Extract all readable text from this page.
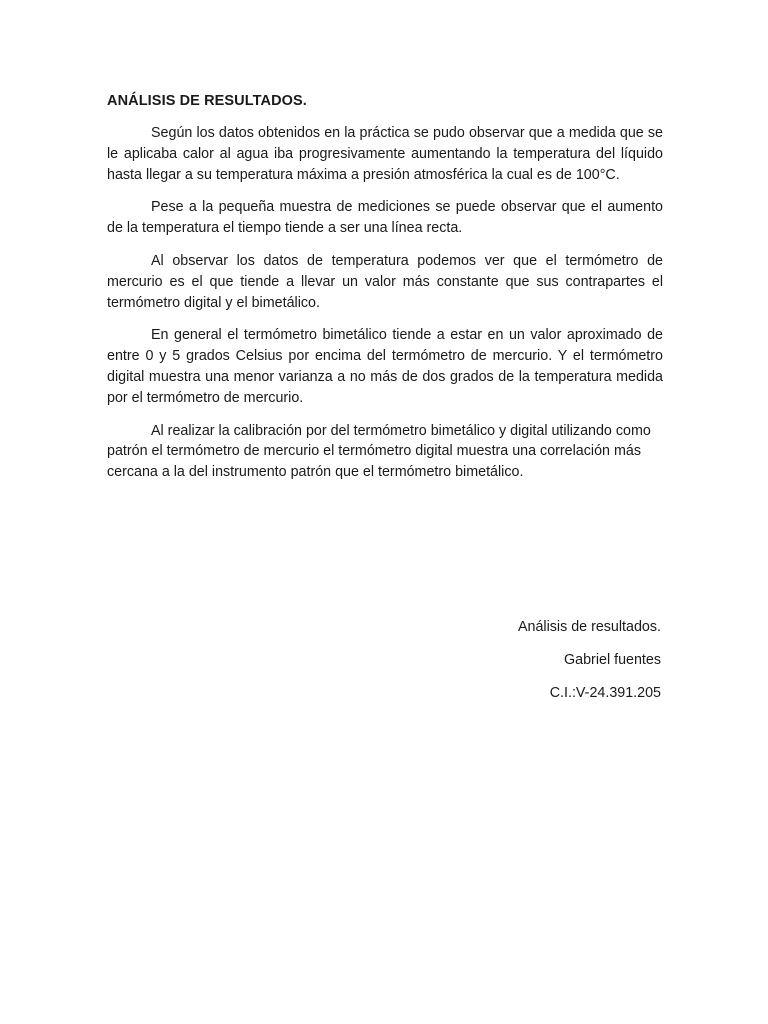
ANÁLISIS DE RESULTADOS.

Según los datos obtenidos en la práctica se pudo observar que a medida que se le aplicaba calor al agua iba progresivamente aumentando la temperatura del líquido hasta llegar a su temperatura máxima a presión atmosférica la cual es de 100°C.

Pese a la pequeña muestra de mediciones se puede observar que el aumento de la temperatura el tiempo tiende a ser una línea recta.

Al observar los datos de temperatura podemos ver que el termómetro de mercurio es el que tiende a llevar un valor más constante que sus contrapartes el termómetro digital y el bimetálico.

En general el termómetro bimetálico tiende a estar en un valor aproximado de entre 0 y 5 grados Celsius por encima del termómetro de mercurio. Y el termómetro digital muestra una menor varianza a no más de dos grados de la temperatura medida por el termómetro de mercurio.

Al realizar la calibración por del termómetro bimetálico y digital utilizando como patrón el termómetro de mercurio el termómetro digital muestra una correlación más cercana a la del instrumento patrón que el termómetro bimetálico.

Análisis de resultados.
Gabriel fuentes
C.I.:V-24.391.205
